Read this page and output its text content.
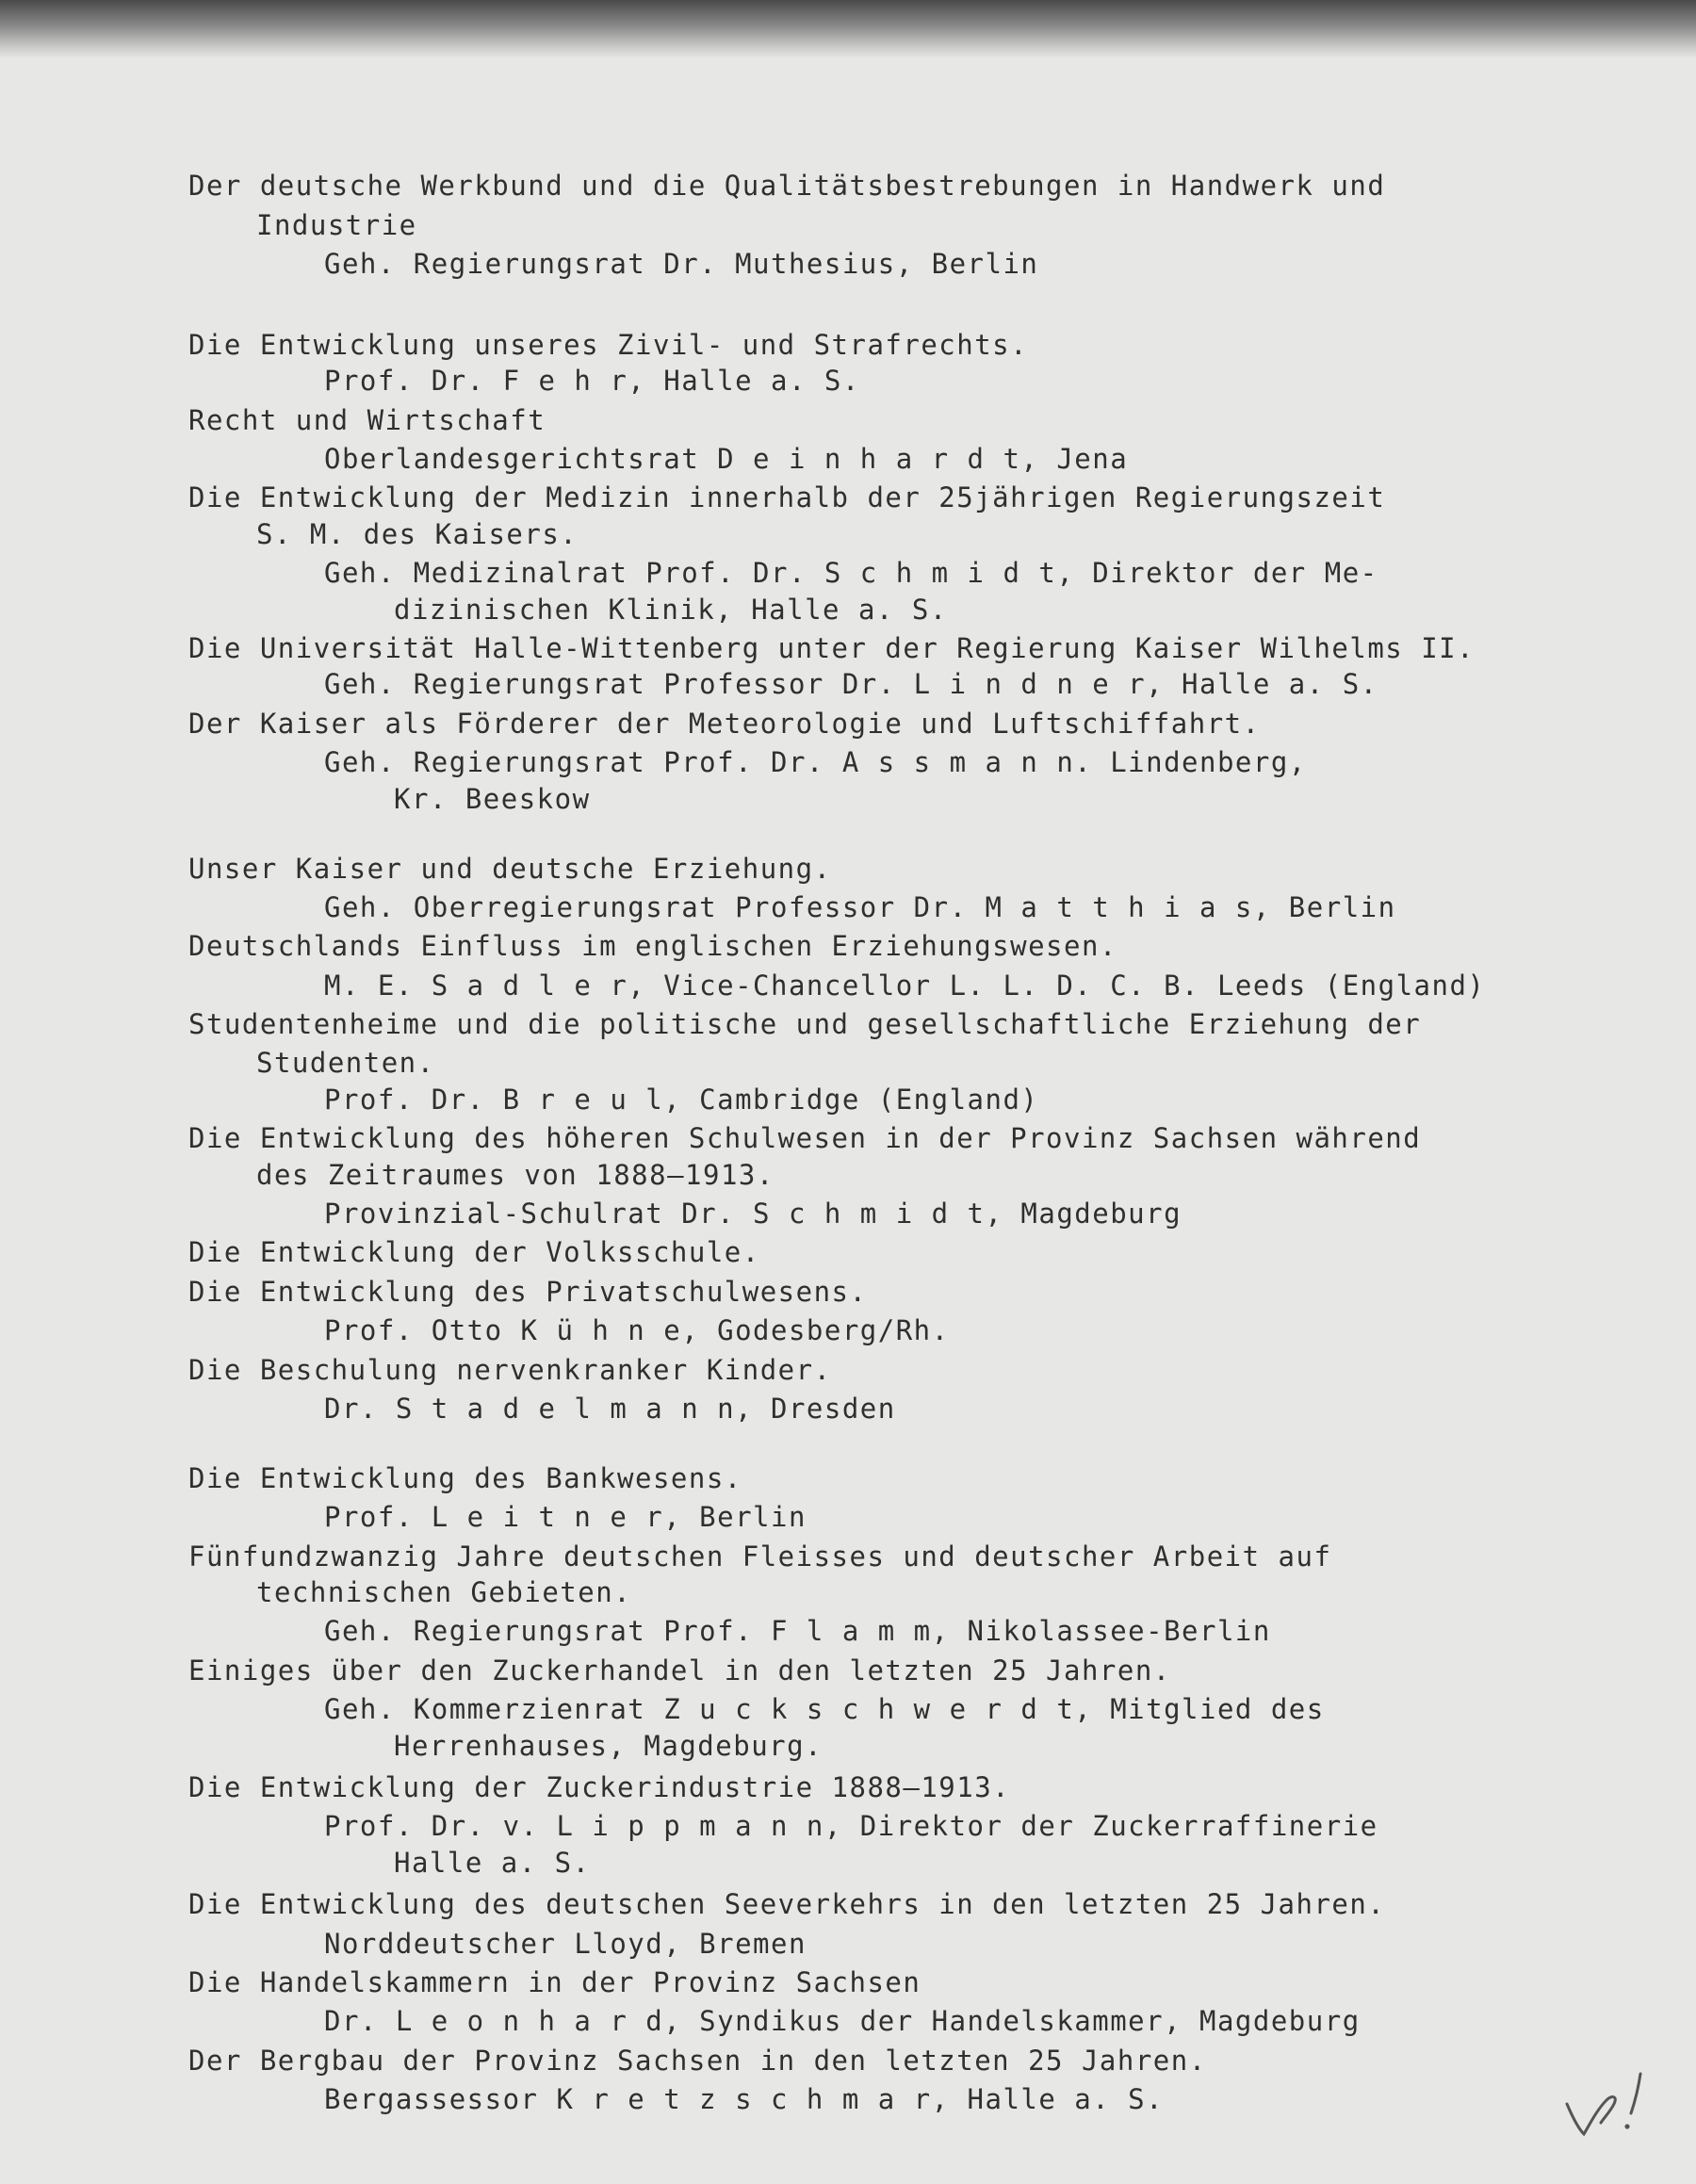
Der deutsche Werkbund und die Qualitätsbestrebungen in Handwerk und
Industrie
Geh. Regierungsrat Dr. Muthesius, Berlin
Die Entwicklung unseres Zivil- und Strafrechts.
Prof. Dr. F e h r, Halle a. S.
Recht und Wirtschaft
Oberlandesgerichtsrat D e i n h a r d t, Jena
Die Entwicklung der Medizin innerhalb der 25jährigen Regierungszeit
S. M. des Kaisers.
Geh. Medizinalrat Prof. Dr. S c h m i d t, Direktor der Me-
dizinischen Klinik, Halle a. S.
Die Universität Halle-Wittenberg unter der Regierung Kaiser Wilhelms II.
Geh. Regierungsrat Professor Dr. L i n d n e r, Halle a. S.
Der Kaiser als Förderer der Meteorologie und Luftschiffahrt.
Geh. Regierungsrat Prof. Dr. A s s m a n n. Lindenberg,
Kr. Beeskow
Unser Kaiser und deutsche Erziehung.
Geh. Oberregierungsrat Professor Dr. M a t t h i a s, Berlin
Deutschlands Einfluss im englischen Erziehungswesen.
M. E. S a d l e r, Vice-Chancellor L. L. D. C. B. Leeds (England)
Studentenheime und die politische und gesellschaftliche Erziehung der
Studenten.
Prof. Dr. B r e u l, Cambridge (England)
Die Entwicklung des höheren Schulwesen in der Provinz Sachsen während
des Zeitraumes von 1888—1913.
Provinzial-Schulrat Dr. S c h m i d t, Magdeburg
Die Entwicklung der Volksschule.
Die Entwicklung des Privatschulwesens.
Prof. Otto K ü h n e, Godesberg/Rh.
Die Beschulung nervenkranker Kinder.
Dr. S t a d e l m a n n, Dresden
Die Entwicklung des Bankwesens.
Prof. L e i t n e r, Berlin
Fünfundzwanzig Jahre deutschen Fleisses und deutscher Arbeit auf
technischen Gebieten.
Geh. Regierungsrat Prof. F l a m m, Nikolassee-Berlin
Einiges über den Zuckerhandel in den letzten 25 Jahren.
Geh. Kommerzienrat Z u c k s c h w e r d t, Mitglied des
Herrenhauses, Magdeburg.
Die Entwicklung der Zuckerindustrie 1888—1913.
Prof. Dr. v. L i p p m a n n, Direktor der Zuckerraffinerie
Halle a. S.
Die Entwicklung des deutschen Seeverkehrs in den letzten 25 Jahren.
Norddeutscher Lloyd, Bremen
Die Handelskammern in der Provinz Sachsen
Dr. L e o n h a r d, Syndikus der Handelskammer, Magdeburg
Der Bergbau der Provinz Sachsen in den letzten 25 Jahren.
Bergassessor K r e t z s c h m a r, Halle a. S.
